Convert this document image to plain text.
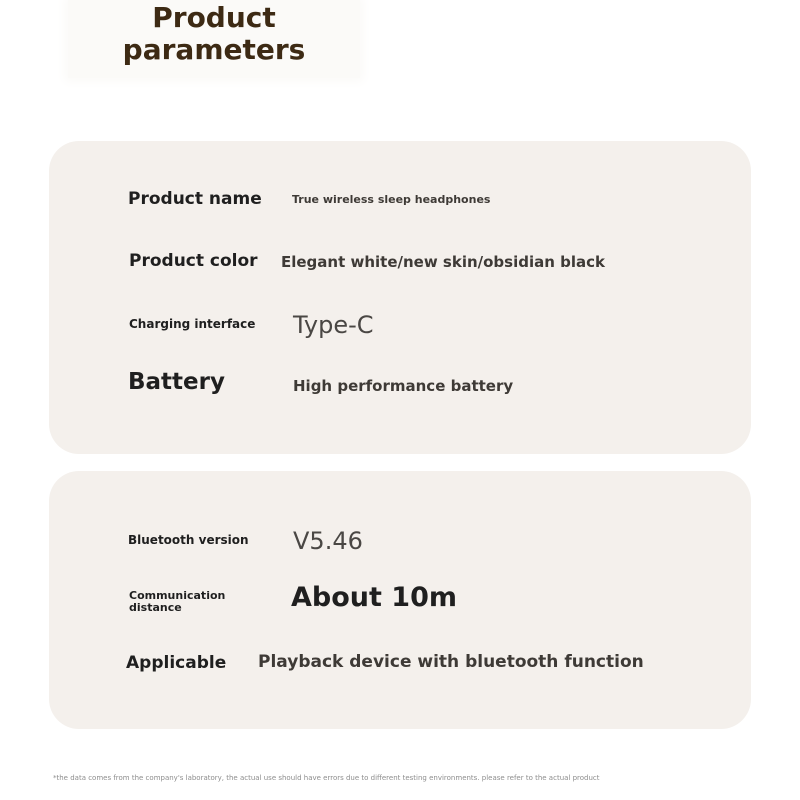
Product
parameters

Product name	True wireless sleep headphones

Product color Elegant white/new skin/obsidian black

Charging interface Type-C

Battery	High performance battery

Bluetooth version V5.46

Communication
distance	About 10m

Applicable Playback device with bluetooth function

*the data comes from the company's laboratory, the actual use should have errors due to different testing environments. please refer to the actual product
